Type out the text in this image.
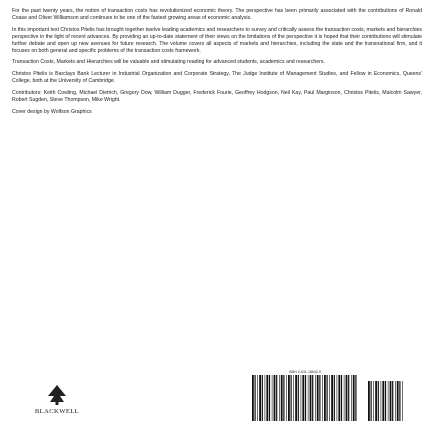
For the past twenty years, the notion of transaction costs has revolutionized economic theory. The perspective has been primarily associated with the contributions of Ronald Coase and Oliver Williamson and continues to be one of the fastest growing areas of economic analysis.

In this important text Christos Pitelis has brought together twelve leading academics and researchers to survey and critically assess the transaction costs, markets and hierarchies perspective in the light of recent advances. By providing an up-to-date statement of their views on the limitations of the perspective it is hoped that their contributions will stimulate further debate and open up new avenues for future research. The volume covers all aspects of markets and hierarchies, including the state and the transnational firm, and it focuses on both general and specific problems of the transaction costs framework.

Transaction Costs, Markets and Hierarchies will be valuable and stimulating reading for advanced students, academics and researchers.

Christos Pitelis is Barclays Bank Lecturer in Industrial Organization and Corporate Strategy, The Judge Institute of Management Studies, and Fellow in Economics, Queens' College, both at the University of Cambridge.

Contributors: Keith Cowling, Michael Dietrich, Gregory Dow, William Dugger, Frederick Fourie, Geoffrey Hodgson, Neil Kay, Paul Marginson, Christos Pitelis, Malcolm Sawyer, Robert Sugden, Steve Thompson, Mike Wright.

Cover design by Wolfson Graphics

BLACKWELL
ISBN 0-631-18642-X
